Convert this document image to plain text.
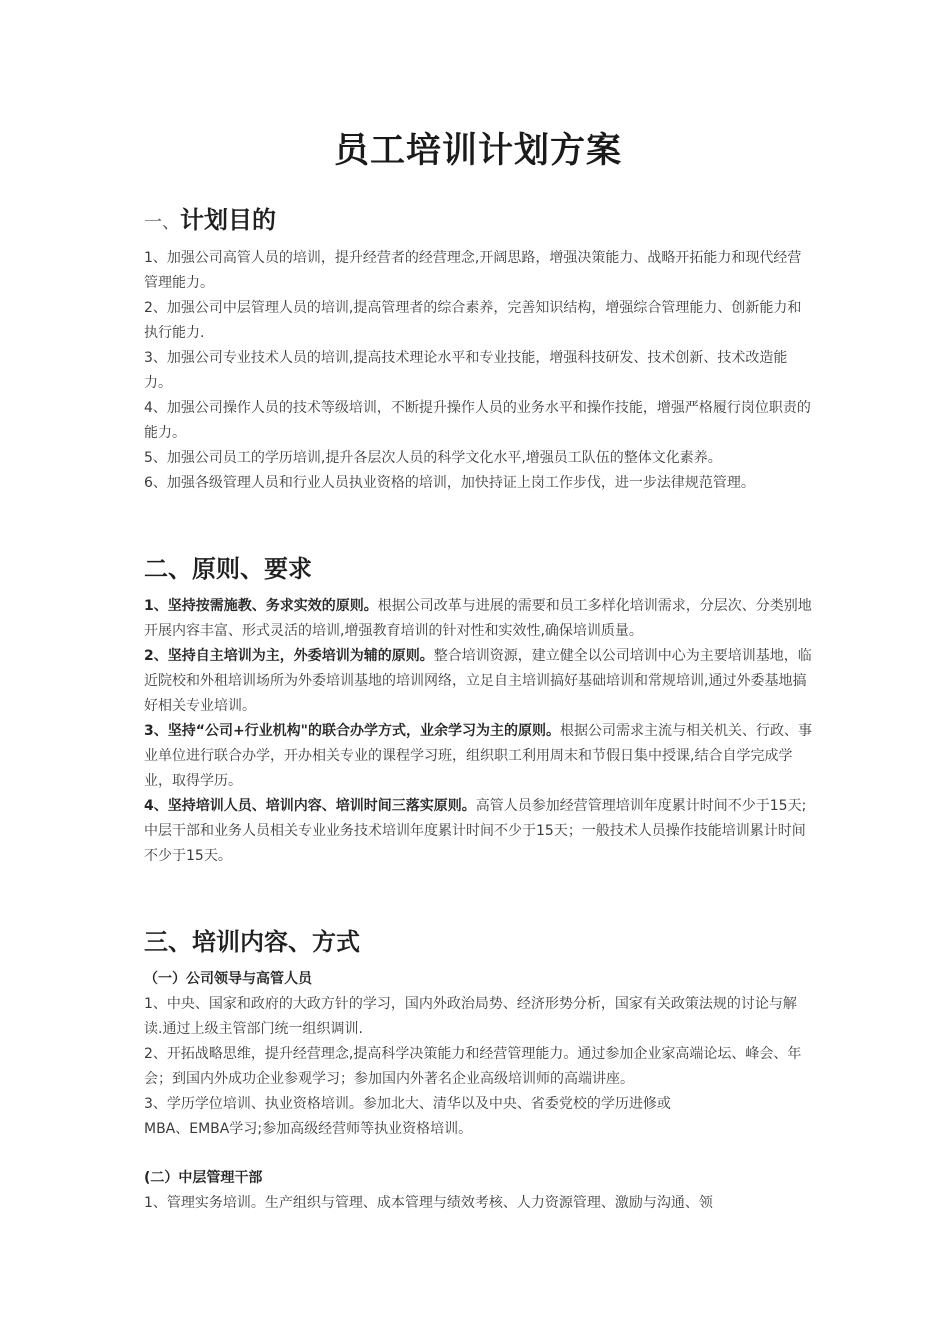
员工培训计划方案
一、计划目的

1、加强公司高管人员的培训，提升经营者的经营理念,开阔思路，增强决策能力、战略开拓能力和现代经营管理能力。

2、加强公司中层管理人员的培训,提高管理者的综合素养，完善知识结构，增强综合管理能力、创新能力和执行能力.

3、加强公司专业技术人员的培训,提高技术理论水平和专业技能，增强科技研发、技术创新、技术改造能力。

4、加强公司操作人员的技术等级培训，不断提升操作人员的业务水平和操作技能，增强严格履行岗位职责的能力。

5、加强公司员工的学历培训,提升各层次人员的科学文化水平,增强员工队伍的整体文化素养。

6、加强各级管理人员和行业人员执业资格的培训，加快持证上岗工作步伐，进一步法律规范管理。

二、原则、要求

1、坚持按需施教、务求实效的原则。根据公司改革与进展的需要和员工多样化培训需求，分层次、分类别地开展内容丰富、形式灵活的培训,增强教育培训的针对性和实效性,确保培训质量。

2、坚持自主培训为主，外委培训为辅的原则。整合培训资源，建立健全以公司培训中心为主要培训基地，临近院校和外租培训场所为外委培训基地的培训网络，立足自主培训搞好基础培训和常规培训,通过外委基地搞好相关专业培训。

3、坚持“公司+行业机构"的联合办学方式，业余学习为主的原则。根据公司需求主流与相关机关、行政、事业单位进行联合办学，开办相关专业的课程学习班，组织职工利用周末和节假日集中授课,结合自学完成学业，取得学历。

4、坚持培训人员、培训内容、培训时间三落实原则。高管人员参加经营管理培训年度累计时间不少于15天;中层干部和业务人员相关专业业务技术培训年度累计时间不少于15天；一般技术人员操作技能培训累计时间不少于15天。

三、培训内容、方式

（一）公司领导与高管人员

1、中央、国家和政府的大政方针的学习，国内外政治局势、经济形势分析，国家有关政策法规的讨论与解读.通过上级主管部门统一组织调训.

2、开拓战略思维，提升经营理念,提高科学决策能力和经营管理能力。通过参加企业家高端论坛、峰会、年会；到国内外成功企业参观学习；参加国内外著名企业高级培训师的高端讲座。

3、学历学位培训、执业资格培训。参加北大、清华以及中央、省委党校的学历进修或

MBA、EMBA学习;参加高级经营师等执业资格培训。

(二）中层管理干部

1、管理实务培训。生产组织与管理、成本管理与绩效考核、人力资源管理、激励与沟通、领
